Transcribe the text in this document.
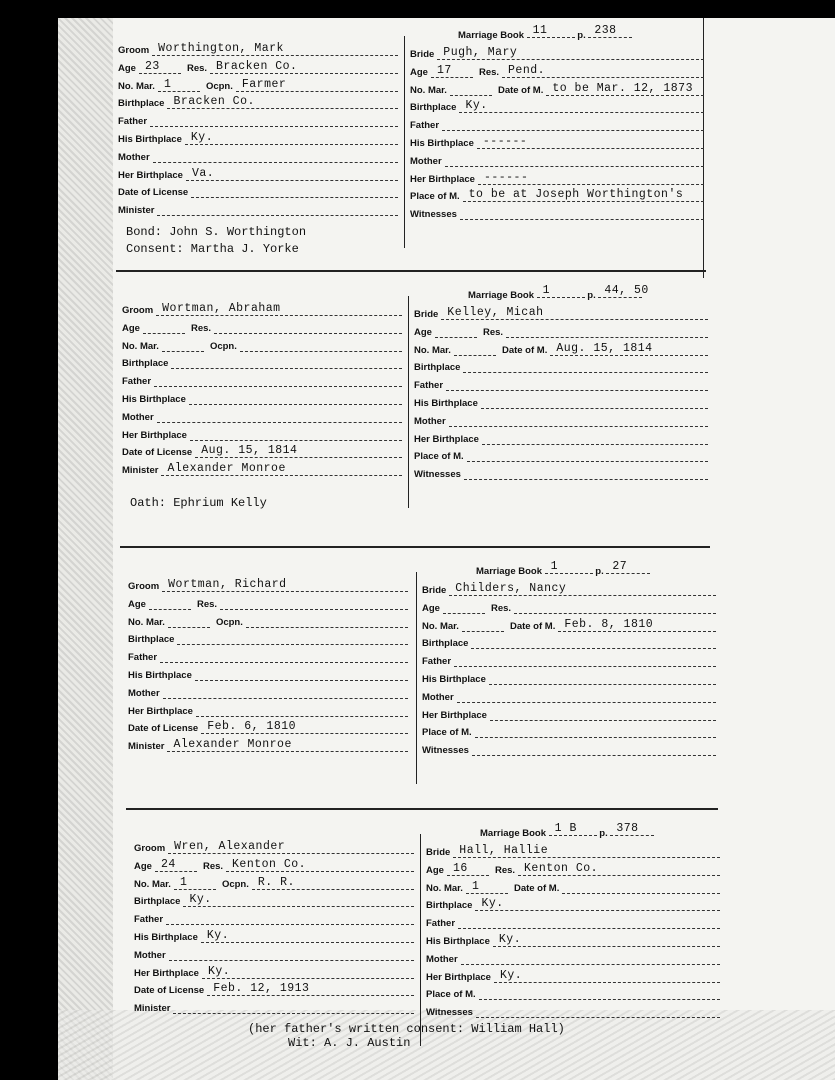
Marriage Book 11	p. 238
Groom Worthington, Mark
Age 23	Res. Bracken Co.
No. Mar. 1	Ocpn. Farmer
Birthplace Bracken Co.
Father
His Birthplace Ky.
Mother
Her Birthplace Va.
Date of License
Minister
Bride Pugh, Mary
Age 17	Res. Pend.
No. Mar.	Date of M. to be Mar. 12, 1873
Birthplace Ky.
Father
His Birthplace ------
Mother
Her Birthplace ------
Place of M. to be at Joseph Worthington's
Witnesses
Bond: John S. Worthington
Consent: Martha J. Yorke
Marriage Book 1	p. 44, 50
Groom Wortman, Abraham
Age	Res.
No. Mar.	Ocpn.
Birthplace
Father
His Birthplace
Mother
Her Birthplace
Date of License Aug. 15, 1814
Minister Alexander Monroe
Bride Kelley, Micah
Age	Res.
No. Mar.	Date of M. Aug. 15, 1814
Birthplace
Father
His Birthplace
Mother
Her Birthplace
Place of M.
Witnesses
Oath: Ephrium Kelly
Marriage Book 1	p. 27
Groom Wortman, Richard
Age	Res.
No. Mar.	Ocpn.
Birthplace
Father
His Birthplace
Mother
Her Birthplace
Date of License Feb. 6, 1810
Minister Alexander Monroe
Bride Childers, Nancy
Age	Res.
No. Mar.	Date of M. Feb. 8, 1810
Birthplace
Father
His Birthplace
Mother
Her Birthplace
Place of M.
Witnesses
Marriage Book 1 B p. 378
Groom Wren, Alexander
Age 24	Res. Kenton Co.
No. Mar. 1	Ocpn. R. R.
Birthplace Ky.
Father
His Birthplace Ky.
Mother
Her Birthplace Ky.
Date of License Feb. 12, 1913
Minister
Bride Hall, Hallie
Age 16	Res. Kenton Co.
No. Mar. 1	Date of M.
Birthplace Ky.
Father
His Birthplace Ky.
Mother
Her Birthplace Ky.
Place of M.
Witnesses
(her father's written consent: William Hall)
Wit: A. J. Austin
